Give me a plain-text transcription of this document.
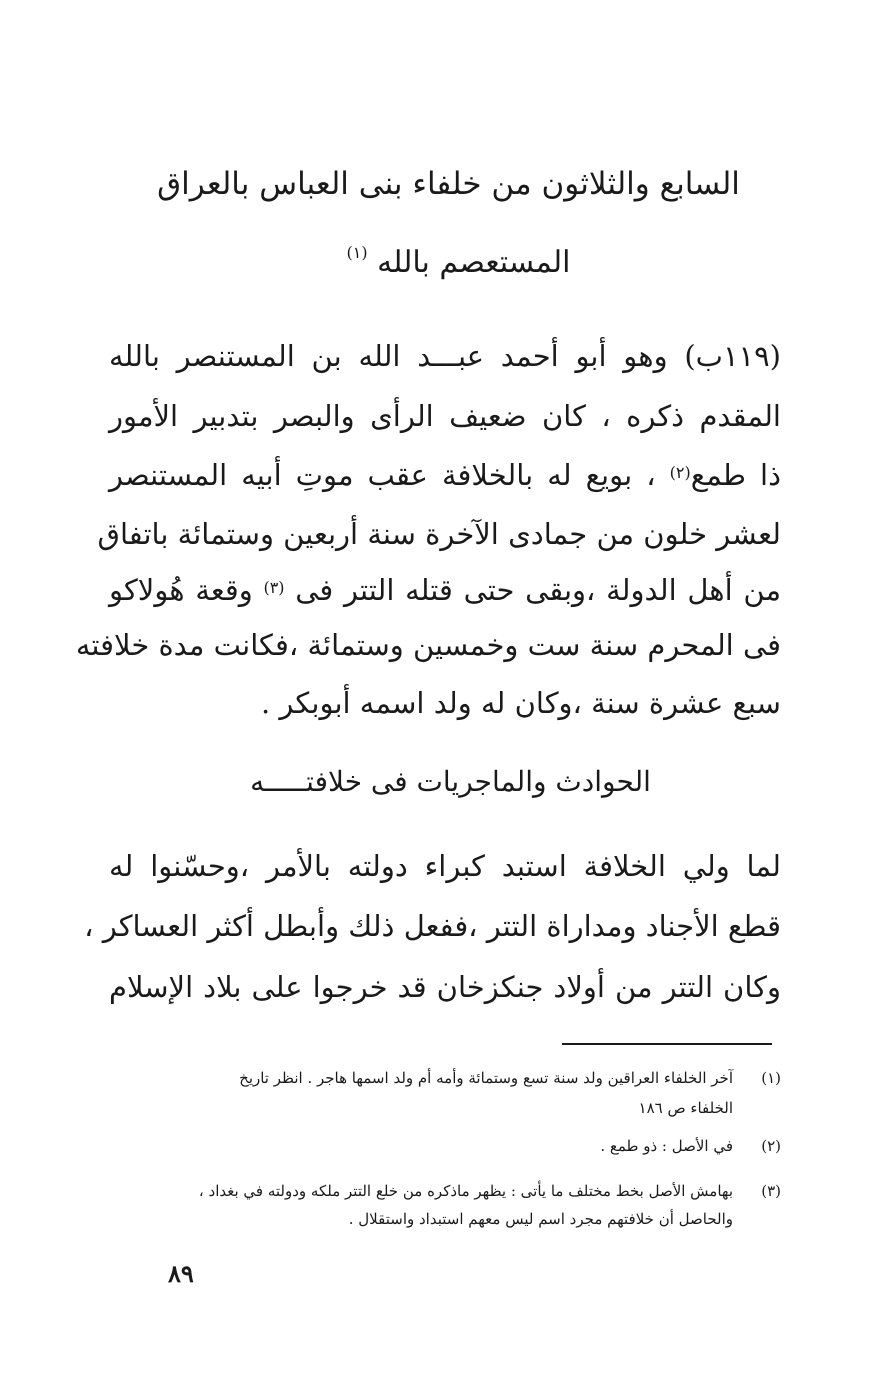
السابع والثلاثون من خلفاء بنى العباس بالعراق
المستعصم بالله $^{(١)}$
(١١٩ب) وهو أبو أحمد عبـــد الله بن المستنصر بالله
المقدم ذكره ، كان ضعيف الرأى والبصر بتدبير الأمور
ذا طمع$^{(٢)}$ ، بويع له بالخلافة عقب موتِ أبيه المستنصر
لعشر خلون من جمادى الآخرة سنة أربعين وستمائة باتفاق
من أهل الدولة ،وبقى حتى قتله التتر فى $^{(٣)}$ وقعة هُولاكو
فى المحرم سنة ست وخمسين وستمائة ،فكانت مدة خلافته
سبع عشرة سنة ،وكان له ولد اسمه أبوبكر .
الحوادث والماجريات فى خلافتـــــه
لما ولي الخلافة استبد كبراء دولته بالأمر ،وحسّنوا له
قطع الأجناد ومداراة التتر ،ففعل ذلك وأبطل أكثر العساكر ،
وكان التتر من أولاد جنكزخان قد خرجوا على بلاد الإسلام
(١)آخر الخلفاء العراقين ولد سنة تسع وستمائة وأمه أم ولد اسمها هاجر . انظر تاريخ
الخلفاء ص ١٨٦
(٢)في الأصل : ذو طمع .
(٣)بهامش الأصل بخط مختلف ما يأتى : يظهر ماذكره من خلع التتر ملكه ودولته في بغداد ،
والحاصل أن خلافتهم مجرد اسم ليس معهم استبداد واستقلال .
٨٩
